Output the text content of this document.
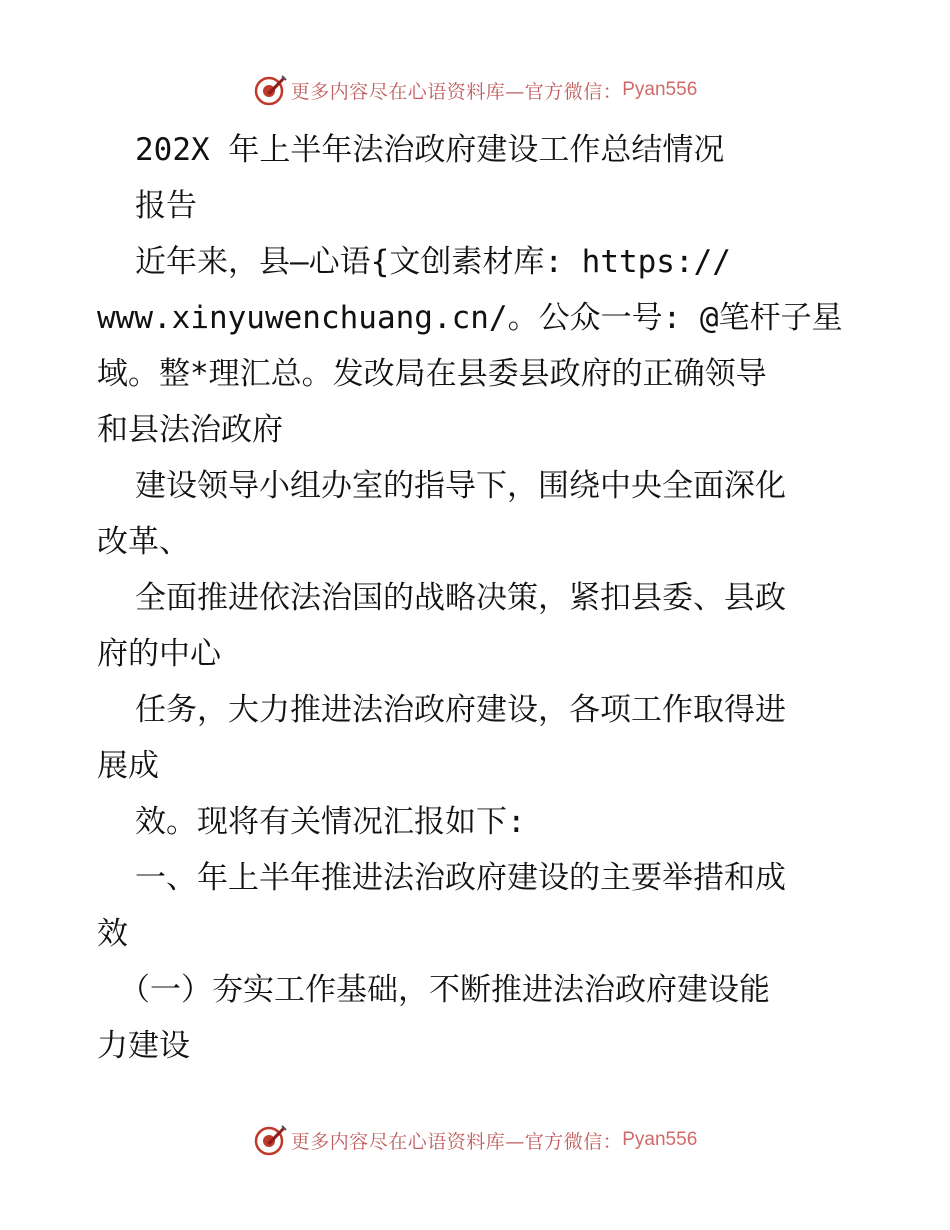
更多内容尽在心语资料库—官方微信： Pyan556
202X 年上半年法治政府建设工作总结情况
报告
近年来，县—心语{文创素材库: https://
www.xinyuwenchuang.cn/。公众一号: @笔杆子星
域。整*理汇总。发改局在县委县政府的正确领导
和县法治政府
建设领导小组办室的指导下，围绕中央全面深化
改革、
全面推进依法治国的战略决策，紧扣县委、县政
府的中心
任务，大力推进法治政府建设，各项工作取得进
展成
效。现将有关情况汇报如下:
一、年上半年推进法治政府建设的主要举措和成
效
（一）夯实工作基础，不断推进法治政府建设能
力建设
更多内容尽在心语资料库—官方微信： Pyan556
